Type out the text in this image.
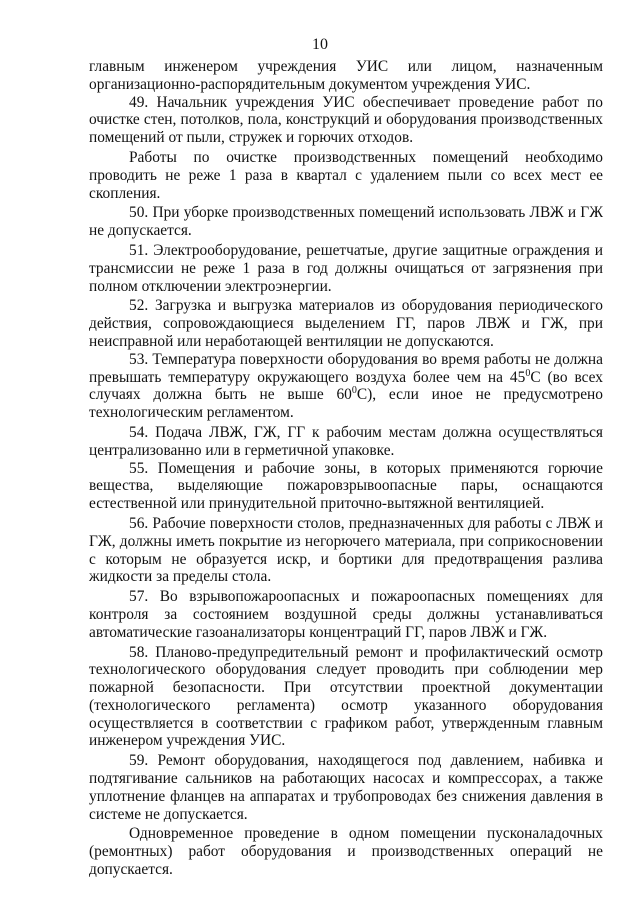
10

главным инженером учреждения УИС или лицом, назначенным организационно-распорядительным документом учреждения УИС.

49. Начальник учреждения УИС обеспечивает проведение работ по очистке стен, потолков, пола, конструкций и оборудования производственных помещений от пыли, стружек и горючих отходов.

Работы по очистке производственных помещений необходимо проводить не реже 1 раза в квартал с удалением пыли со всех мест ее скопления.

50. При уборке производственных помещений использовать ЛВЖ и ГЖ не допускается.

51. Электрооборудование, решетчатые, другие защитные ограждения и трансмиссии не реже 1 раза в год должны очищаться от загрязнения при полном отключении электроэнергии.

52. Загрузка и выгрузка материалов из оборудования периодического действия, сопровождающиеся выделением ГГ, паров ЛВЖ и ГЖ, при неисправной или неработающей вентиляции не допускаются.

53. Температура поверхности оборудования во время работы не должна превышать температуру окружающего воздуха более чем на $45^0С$ (во всех случаях должна быть не выше $60^0С$), если иное не предусмотрено технологическим регламентом.

54. Подача ЛВЖ, ГЖ, ГГ к рабочим местам должна осуществляться централизованно или в герметичной упаковке.

55. Помещения и рабочие зоны, в которых применяются горючие вещества, выделяющие пожаровзрывоопасные пары, оснащаются естественной или принудительной приточно-вытяжной вентиляцией.

56. Рабочие поверхности столов, предназначенных для работы с ЛВЖ и ГЖ, должны иметь покрытие из негорючего материала, при соприкосновении с которым не образуется искр, и бортики для предотвращения разлива жидкости за пределы стола.

57. Во взрывопожароопасных и пожароопасных помещениях для контроля за состоянием воздушной среды должны устанавливаться автоматические газоанализаторы концентраций ГГ, паров ЛВЖ и ГЖ.

58. Планово-предупредительный ремонт и профилактический осмотр технологического оборудования следует проводить при соблюдении мер пожарной безопасности. При отсутствии проектной документации (технологического регламента) осмотр указанного оборудования осуществляется в соответствии с графиком работ, утвержденным главным инженером учреждения УИС.

59. Ремонт оборудования, находящегося под давлением, набивка и подтягивание сальников на работающих насосах и компрессорах, а также уплотнение фланцев на аппаратах и трубопроводах без снижения давления в системе не допускается.

Одновременное проведение в одном помещении пусконаладочных (ремонтных) работ оборудования и производственных операций не допускается.
